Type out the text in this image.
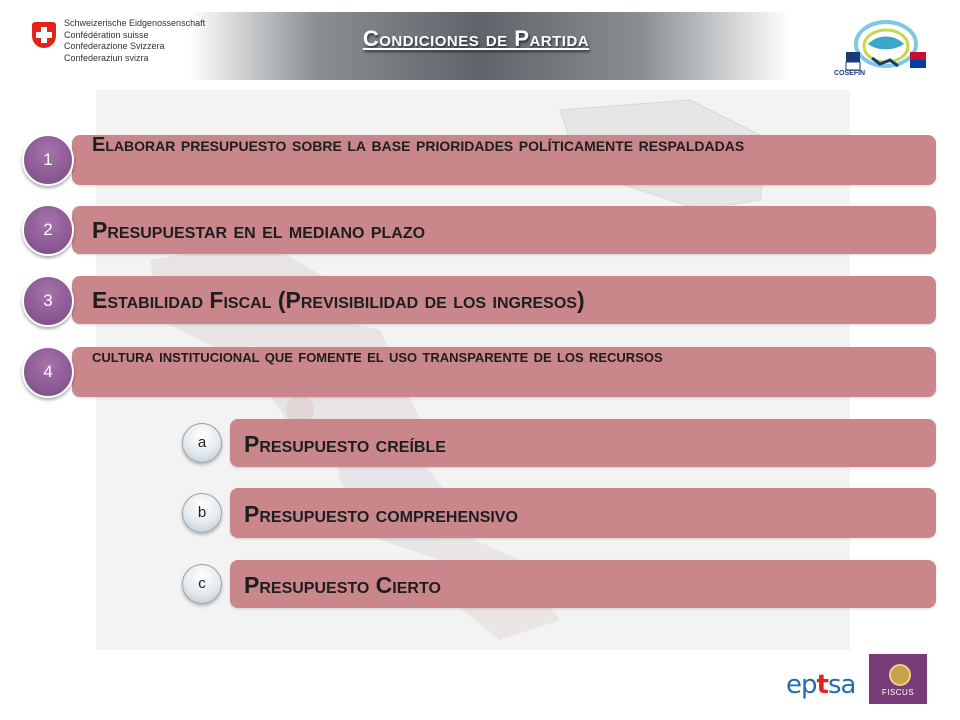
Schweizerische Eidgenossenschaft
Confédération suisse
Confederazione Svizzera
Confederaziun svizra
Condiciones de Partida
COSEFIN
1
Elaborar presupuesto sobre la base prioridades políticamente respaldadas
2	Presupuestar en el mediano plazo
3	Estabilidad Fiscal (Previsibilidad de los ingresos)
4
cultura institucional que fomente el uso transparente de los recursos
a	Presupuesto creíble
b	Presupuesto comprehensivo
c	Presupuesto Cierto
eptsa	FISCUS
